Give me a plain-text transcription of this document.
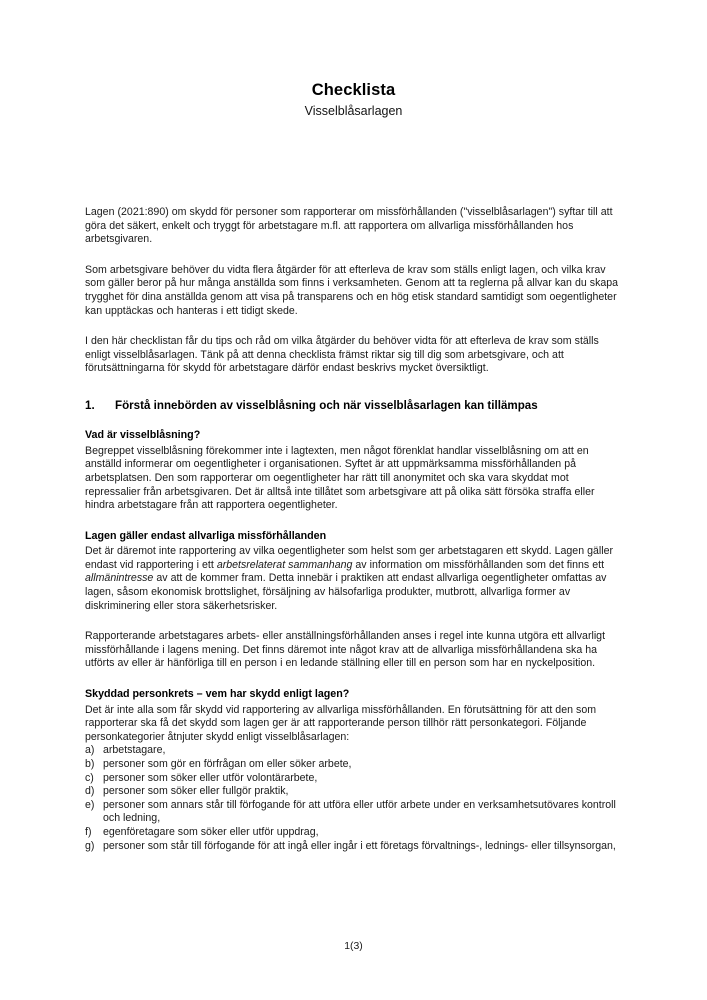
Checklista

Visselblåsarlagen

Lagen (2021:890) om skydd för personer som rapporterar om missförhållanden ("visselblåsarlagen") syftar till att göra det säkert, enkelt och tryggt för arbetstagare m.fl. att rapportera om allvarliga missförhållanden hos arbetsgivaren.

Som arbetsgivare behöver du vidta flera åtgärder för att efterleva de krav som ställs enligt lagen, och vilka krav som gäller beror på hur många anställda som finns i verksamheten. Genom att ta reglerna på allvar kan du skapa trygghet för dina anställda genom att visa på transparens och en hög etisk standard samtidigt som oegentligheter kan upptäckas och hanteras i ett tidigt skede.

I den här checklistan får du tips och råd om vilka åtgärder du behöver vidta för att efterleva de krav som ställs enligt visselblåsarlagen. Tänk på att denna checklista främst riktar sig till dig som arbetsgivare, och att förutsättningarna för skydd för arbetstagare därför endast beskrivs mycket översiktligt.

1.	Förstå innebörden av visselblåsning och när visselblåsarlagen kan tillämpas
Vad är visselblåsning?

Begreppet visselblåsning förekommer inte i lagtexten, men något förenklat handlar visselblåsning om att en anställd informerar om oegentligheter i organisationen. Syftet är att uppmärksamma missförhållanden på arbetsplatsen. Den som rapporterar om oegentligheter har rätt till anonymitet och ska vara skyddat mot repressalier från arbetsgivaren. Det är alltså inte tillåtet som arbetsgivare att på olika sätt försöka straffa eller hindra arbetstagare från att rapportera oegentligheter.

Lagen gäller endast allvarliga missförhållanden

Det är däremot inte rapportering av vilka oegentligheter som helst som ger arbetstagaren ett skydd. Lagen gäller endast vid rapportering i ett arbetsrelaterat sammanhang av information om missförhållanden som det finns ett allmänintresse av att de kommer fram. Detta innebär i praktiken att endast allvarliga oegentligheter omfattas av lagen, såsom ekonomisk brottslighet, försäljning av hälsofarliga produkter, mutbrott, allvarliga former av diskriminering eller stora säkerhetsrisker.

Rapporterande arbetstagares arbets- eller anställningsförhållanden anses i regel inte kunna utgöra ett allvarligt missförhållande i lagens mening. Det finns däremot inte något krav att de allvarliga missförhållandena ska ha utförts av eller är hänförliga till en person i en ledande ställning eller till en person som har en nyckelposition.

Skyddad personkrets – vem har skydd enligt lagen?

Det är inte alla som får skydd vid rapportering av allvarliga missförhållanden. En förutsättning för att den som rapporterar ska få det skydd som lagen ger är att rapporterande person tillhör rätt personkategori. Följande personkategorier åtnjuter skydd enligt visselblåsarlagen:

a) arbetstagare,
b) personer som gör en förfrågan om eller söker arbete,
c) personer som söker eller utför volontärarbete,
d) personer som söker eller fullgör praktik,
e) personer som annars står till förfogande för att utföra eller utför arbete under en verksamhetsutövares kontroll och ledning,
f)	egenföretagare som söker eller utför uppdrag,
g) personer som står till förfogande för att ingå eller ingår i ett företags förvaltnings-, lednings- eller tillsynsorgan,
1(3)
